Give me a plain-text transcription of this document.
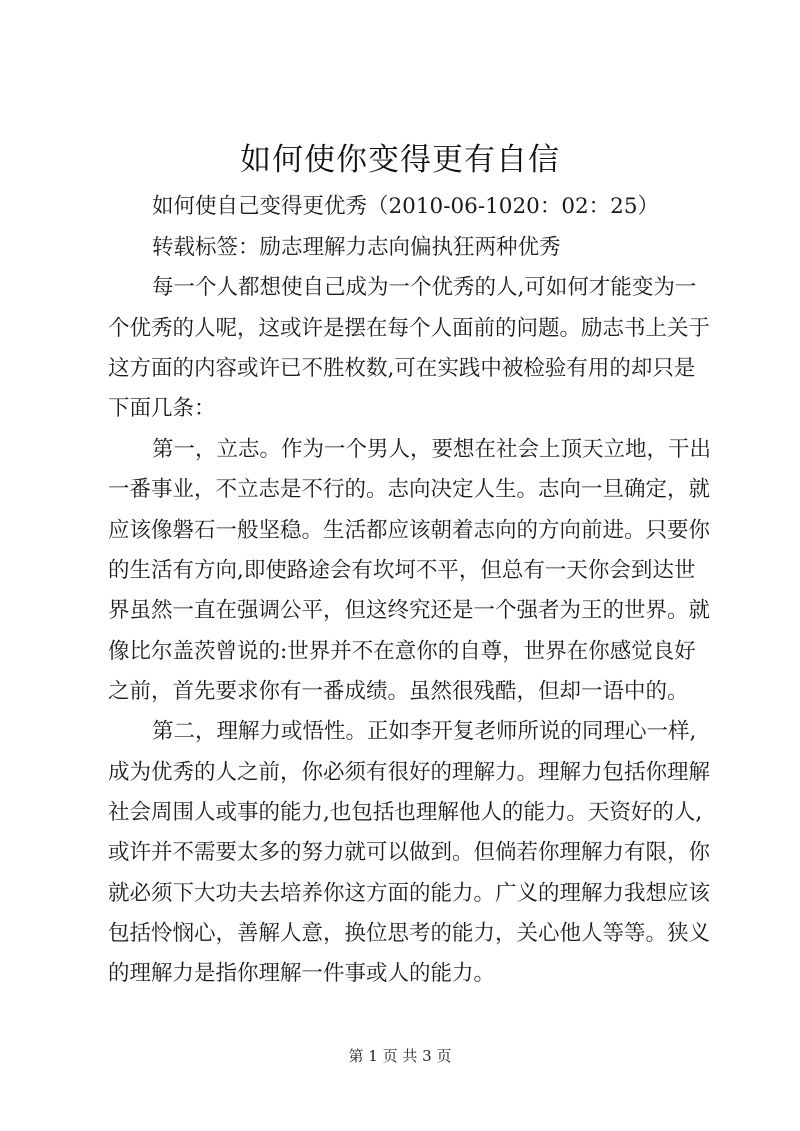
如何使你变得更有自信
如何使自己变得更优秀（2010-06-1020：02：25）
转载标签：励志理解力志向偏执狂两种优秀
每一个人都想使自己成为一个优秀的人,可如何才能变为一
个优秀的人呢，这或许是摆在每个人面前的问题。励志书上关于
这方面的内容或许已不胜枚数,可在实践中被检验有用的却只是
下面几条：
第一，立志。作为一个男人，要想在社会上顶天立地，干出
一番事业，不立志是不行的。志向决定人生。志向一旦确定，就
应该像磐石一般坚稳。生活都应该朝着志向的方向前进。只要你
的生活有方向,即使路途会有坎坷不平，但总有一天你会到达世
界虽然一直在强调公平，但这终究还是一个强者为王的世界。就
像比尔盖茨曾说的:世界并不在意你的自尊，世界在你感觉良好
之前，首先要求你有一番成绩。虽然很残酷，但却一语中的。
第二，理解力或悟性。正如李开复老师所说的同理心一样,
成为优秀的人之前，你必须有很好的理解力。理解力包括你理解
社会周围人或事的能力,也包括也理解他人的能力。天资好的人,
或许并不需要太多的努力就可以做到。但倘若你理解力有限，你
就必须下大功夫去培养你这方面的能力。广义的理解力我想应该
包括怜悯心，善解人意，换位思考的能力，关心他人等等。狭义
的理解力是指你理解一件事或人的能力。
第 1 页 共 3 页
